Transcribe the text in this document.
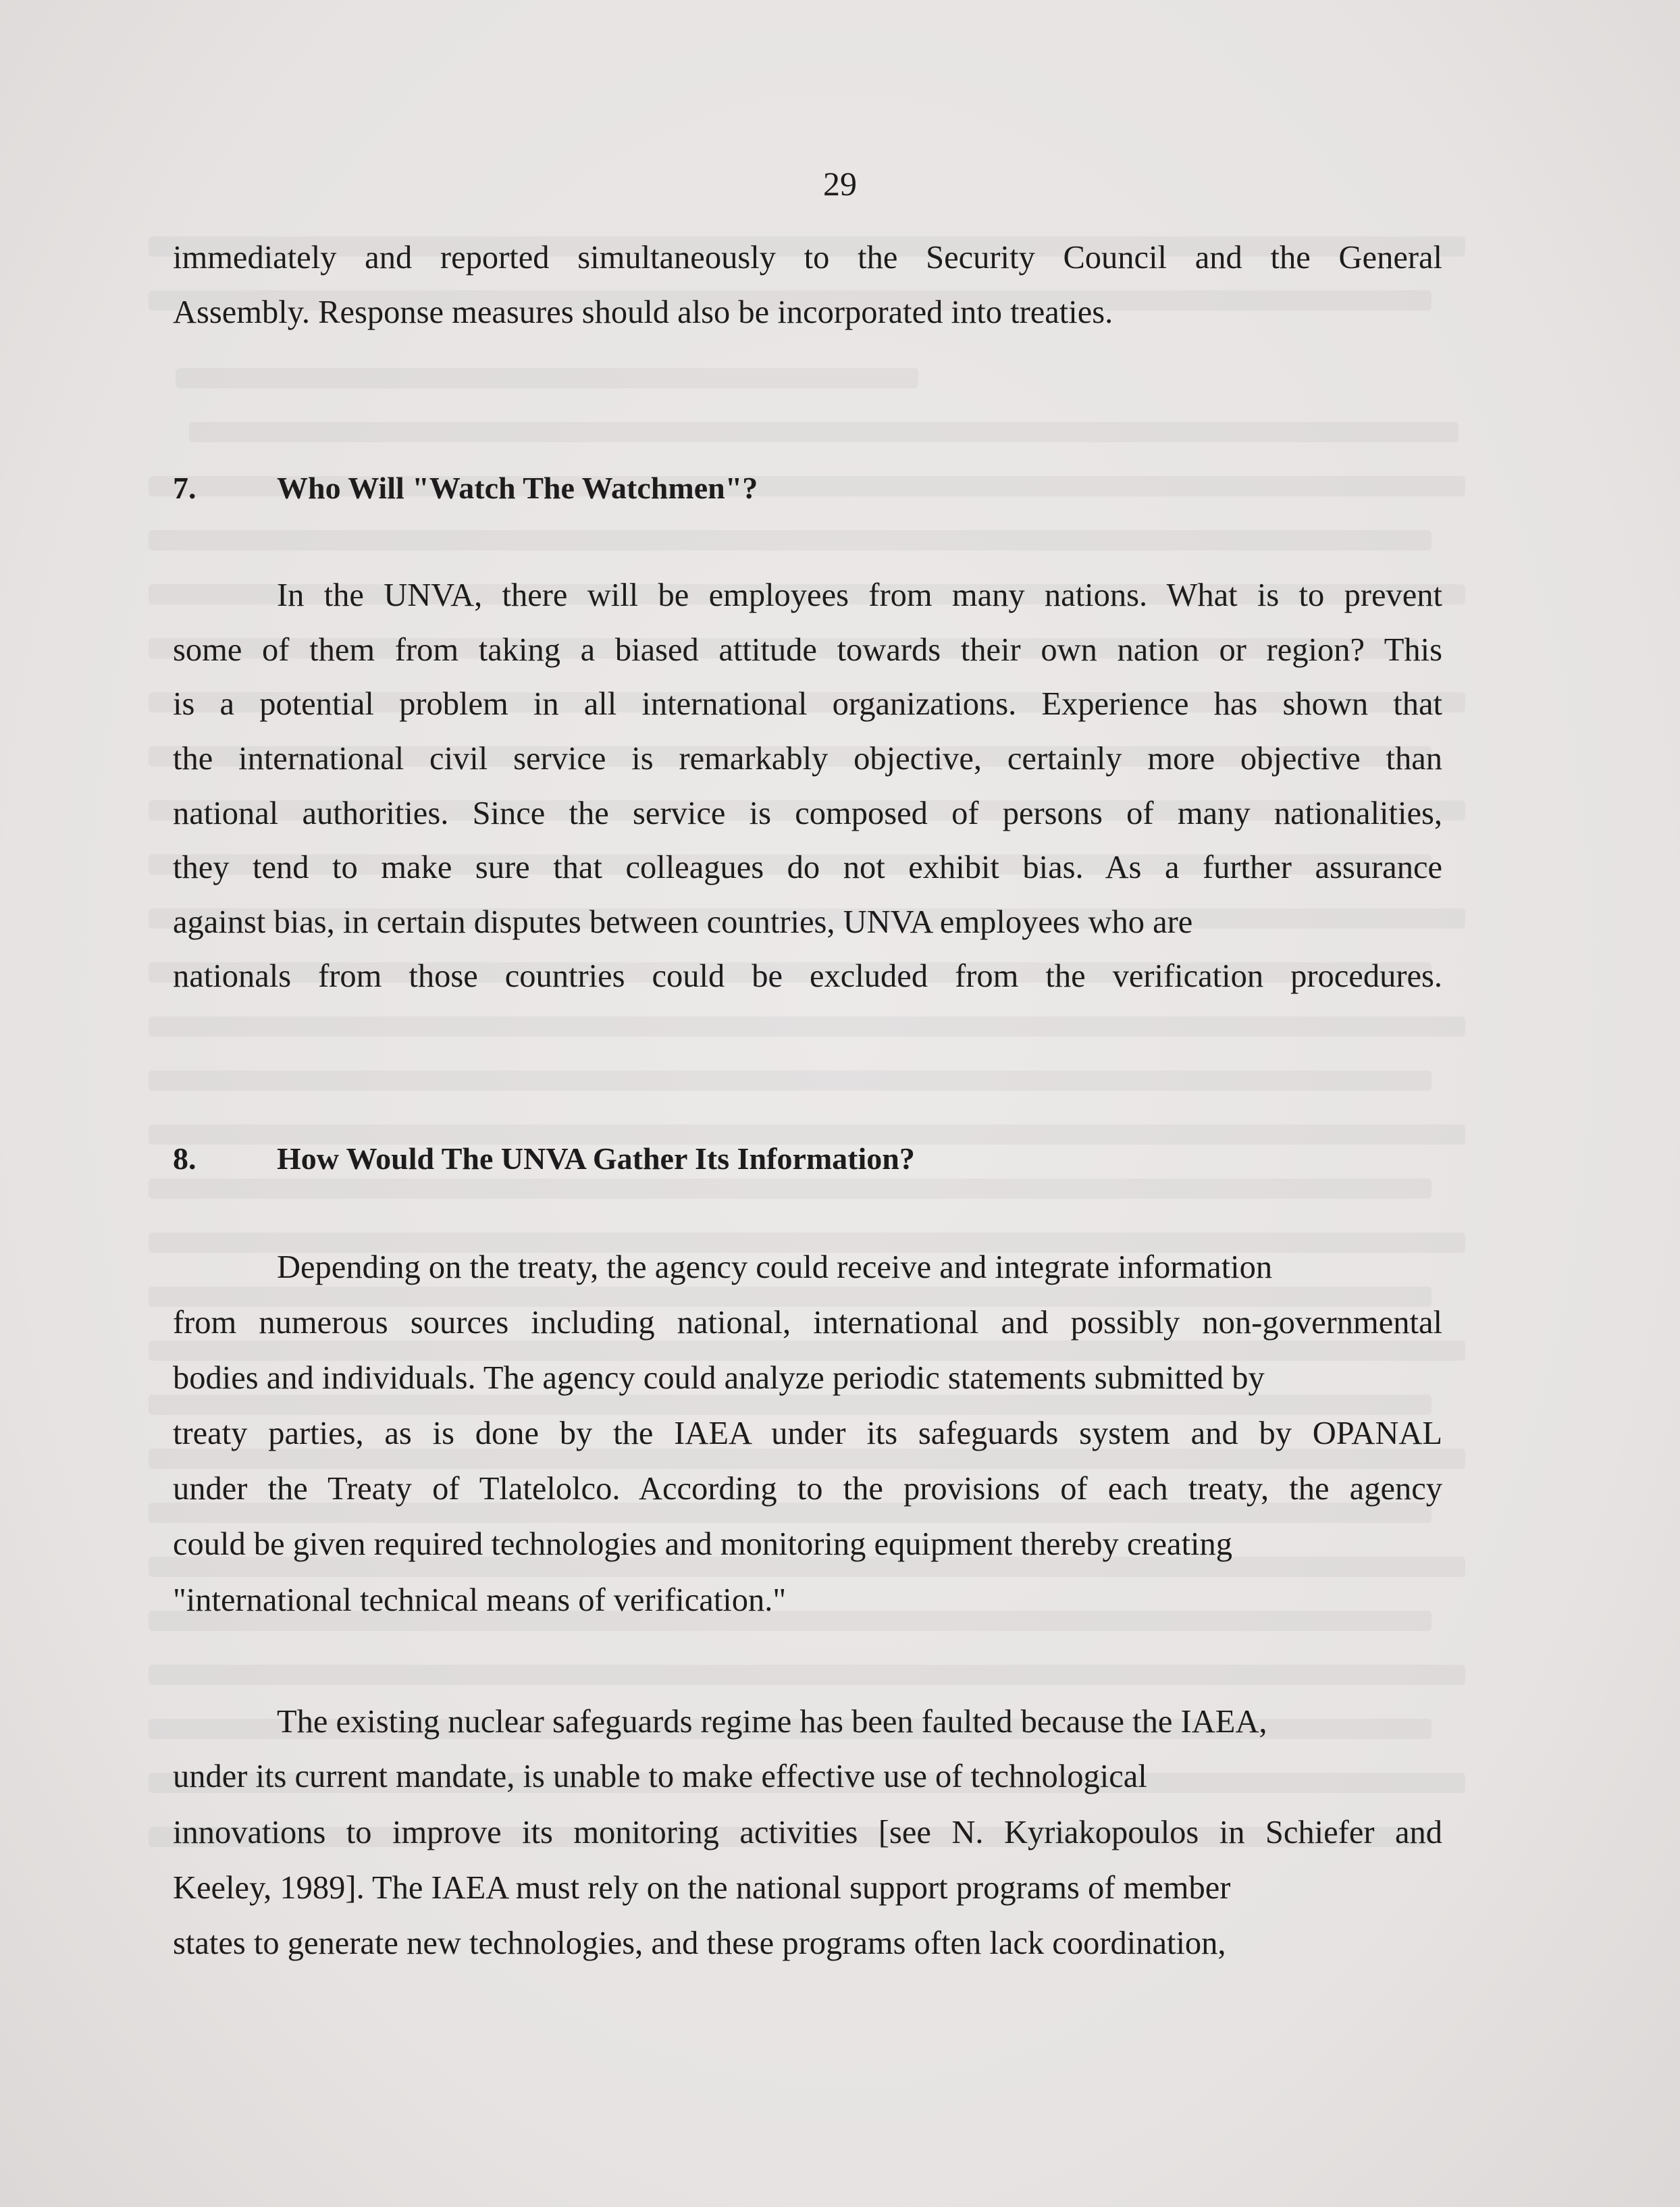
29
immediately and reported simultaneously to the Security Council and the General
Assembly. Response measures should also be incorporated into treaties.
7.	Who Will "Watch The Watchmen"?
In the UNVA, there will be employees from many nations. What is to prevent
some of them from taking a biased attitude towards their own nation or region? This
is a potential problem in all international organizations. Experience has shown that
the international civil service is remarkably objective, certainly more objective than
national authorities. Since the service is composed of persons of many nationalities,
they tend to make sure that colleagues do not exhibit bias. As a further assurance
against bias, in certain disputes between countries, UNVA employees who are
nationals from those countries could be excluded from the verification procedures.
8.	How Would The UNVA Gather Its Information?
Depending on the treaty, the agency could receive and integrate information
from numerous sources including national, international and possibly non-governmental
bodies and individuals. The agency could analyze periodic statements submitted by
treaty parties, as is done by the IAEA under its safeguards system and by OPANAL
under the Treaty of Tlatelolco. According to the provisions of each treaty, the agency
could be given required technologies and monitoring equipment thereby creating
"international technical means of verification."
The existing nuclear safeguards regime has been faulted because the IAEA,
under its current mandate, is unable to make effective use of technological
innovations to improve its monitoring activities [see N. Kyriakopoulos in Schiefer and
Keeley, 1989]. The IAEA must rely on the national support programs of member
states to generate new technologies, and these programs often lack coordination,
